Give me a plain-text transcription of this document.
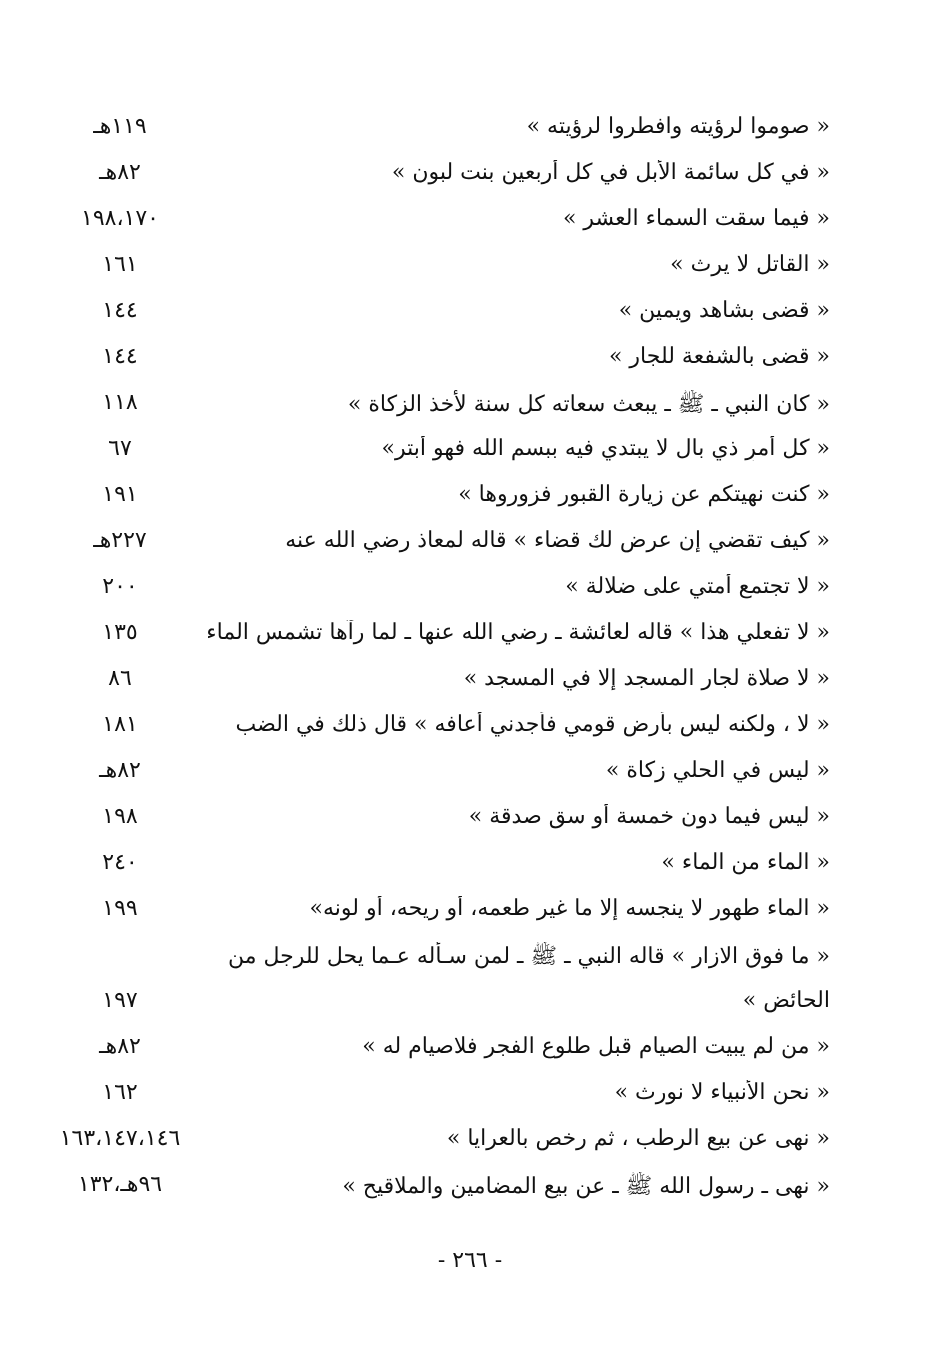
١١٩هـ	« صوموا لرؤيته وافطروا لرؤيته »
٨٢هـ	« في كل سائمة الأبل في كل أربعين بنت لبون »
١٩٨،١٧٠	« فيما سقت السماء العشر »
١٦١	« القاتل لا يرث »
١٤٤	« قضى بشاهد ويمين »
١٤٤	« قضى بالشفعة للجار »
١١٨	« كان النبي ـ ﷺ ـ يبعث سعاته كل سنة لأخذ الزكاة »
٦٧	« كل أمرٍ ذي بال لا يبتدي فيه ببسم الله فهو أبتر»
١٩١	« كنت نهيتكم عن زيارة القبور فزوروها »
٢٢٧هـ	« كيف تقضي إن عرض لك قضاء » قاله لمعاذ رضي الله عنه
٢٠٠	« لا تجتمع أمتي على ضلالة »
١٣٥	« لا تفعلي هذا » قاله لعائشة ـ رضي الله عنها ـ لما رآها تشمس الماء
٨٦	« لا صلاة لجار المسجد إلا في المسجد »
١٨١	« لا ، ولكنه ليس بأرض قومي فأجدني أعافه » قال ذلك في الضب
٨٢هـ	« ليس في الحلي زكاة »
١٩٨	« ليس فيما دون خمسة أو سق صدقة »
٢٤٠	« الماء من الماء »
١٩٩	« الماء طهور لا ينجسه إلا ما غير طعمه، أو ريحه، أو لونه»
« ما فوق الازار » قاله النبي ـ ﷺ ـ لمن سـأله عـما يحل للرجل من
١٩٧	الحائض »
٨٢هـ	« من لم يبيت الصيام قبل طلوع الفجر فلاصيام له »
١٦٢	« نحن الأنبياء لا نورث »
١٦٣،١٤٧،١٤٦	« نهى عن بيع الرطب ، ثم رخص بالعرايا »
٩٦هـ،١٣٢	« نهى ـ رسول الله ﷺ ـ عن بيع المضامين والملاقيح »
- ٢٦٦ -
